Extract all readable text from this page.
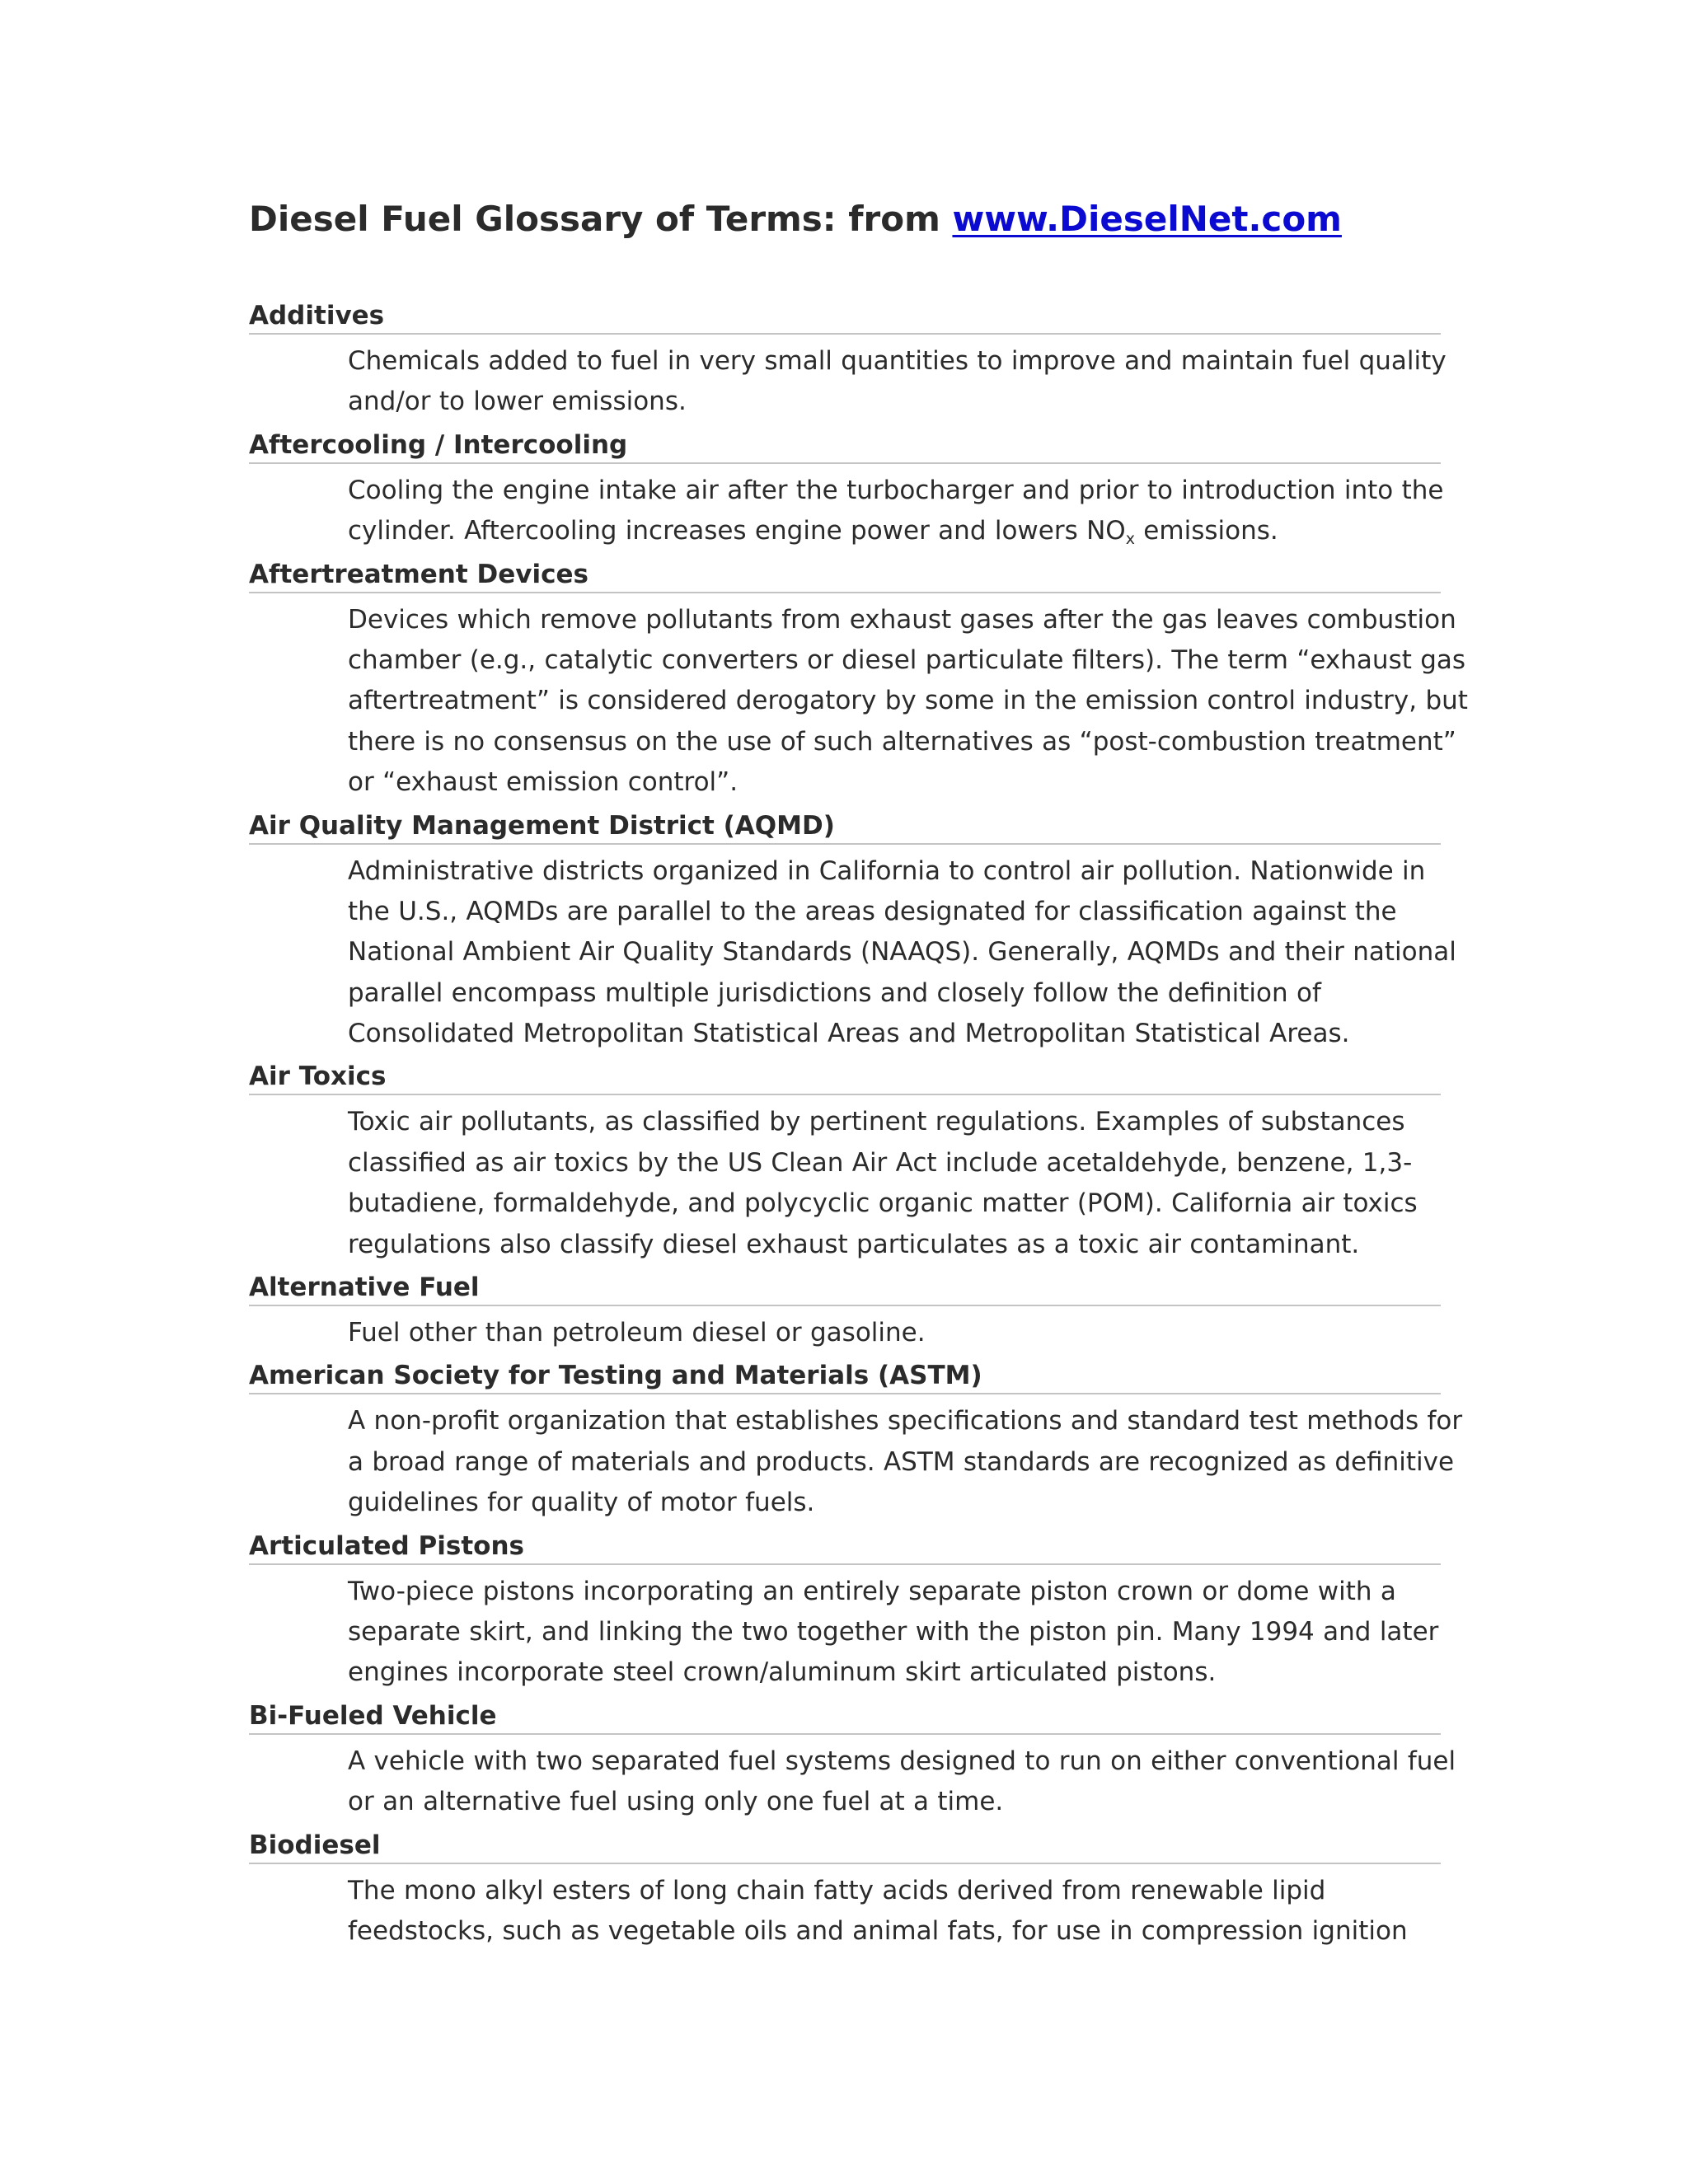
Diesel Fuel Glossary of Terms: from www.DieselNet.com
Additives
Chemicals added to fuel in very small quantities to improve and maintain fuel quality
and/or to lower emissions.
Aftercooling / Intercooling
Cooling the engine intake air after the turbocharger and prior to introduction into the
cylinder. Aftercooling increases engine power and lowers $NO_x$ emissions.
Aftertreatment Devices
Devices which remove pollutants from exhaust gases after the gas leaves combustion
chamber (e.g., catalytic converters or diesel particulate filters). The term “exhaust gas
aftertreatment” is considered derogatory by some in the emission control industry, but
there is no consensus on the use of such alternatives as “post-combustion treatment”
or “exhaust emission control”.
Air Quality Management District (AQMD)
Administrative districts organized in California to control air pollution. Nationwide in
the U.S., AQMDs are parallel to the areas designated for classification against the
National Ambient Air Quality Standards (NAAQS). Generally, AQMDs and their national
parallel encompass multiple jurisdictions and closely follow the definition of
Consolidated Metropolitan Statistical Areas and Metropolitan Statistical Areas.
Air Toxics
Toxic air pollutants, as classified by pertinent regulations. Examples of substances
classified as air toxics by the US Clean Air Act include acetaldehyde, benzene, 1,3-
butadiene, formaldehyde, and polycyclic organic matter (POM). California air toxics
regulations also classify diesel exhaust particulates as a toxic air contaminant.
Alternative Fuel
Fuel other than petroleum diesel or gasoline.
American Society for Testing and Materials (ASTM)
A non-profit organization that establishes specifications and standard test methods for
a broad range of materials and products. ASTM standards are recognized as definitive
guidelines for quality of motor fuels.
Articulated Pistons
Two-piece pistons incorporating an entirely separate piston crown or dome with a
separate skirt, and linking the two together with the piston pin. Many 1994 and later
engines incorporate steel crown/aluminum skirt articulated pistons.
Bi-Fueled Vehicle
A vehicle with two separated fuel systems designed to run on either conventional fuel
or an alternative fuel using only one fuel at a time.
Biodiesel
The mono alkyl esters of long chain fatty acids derived from renewable lipid
feedstocks, such as vegetable oils and animal fats, for use in compression ignition
